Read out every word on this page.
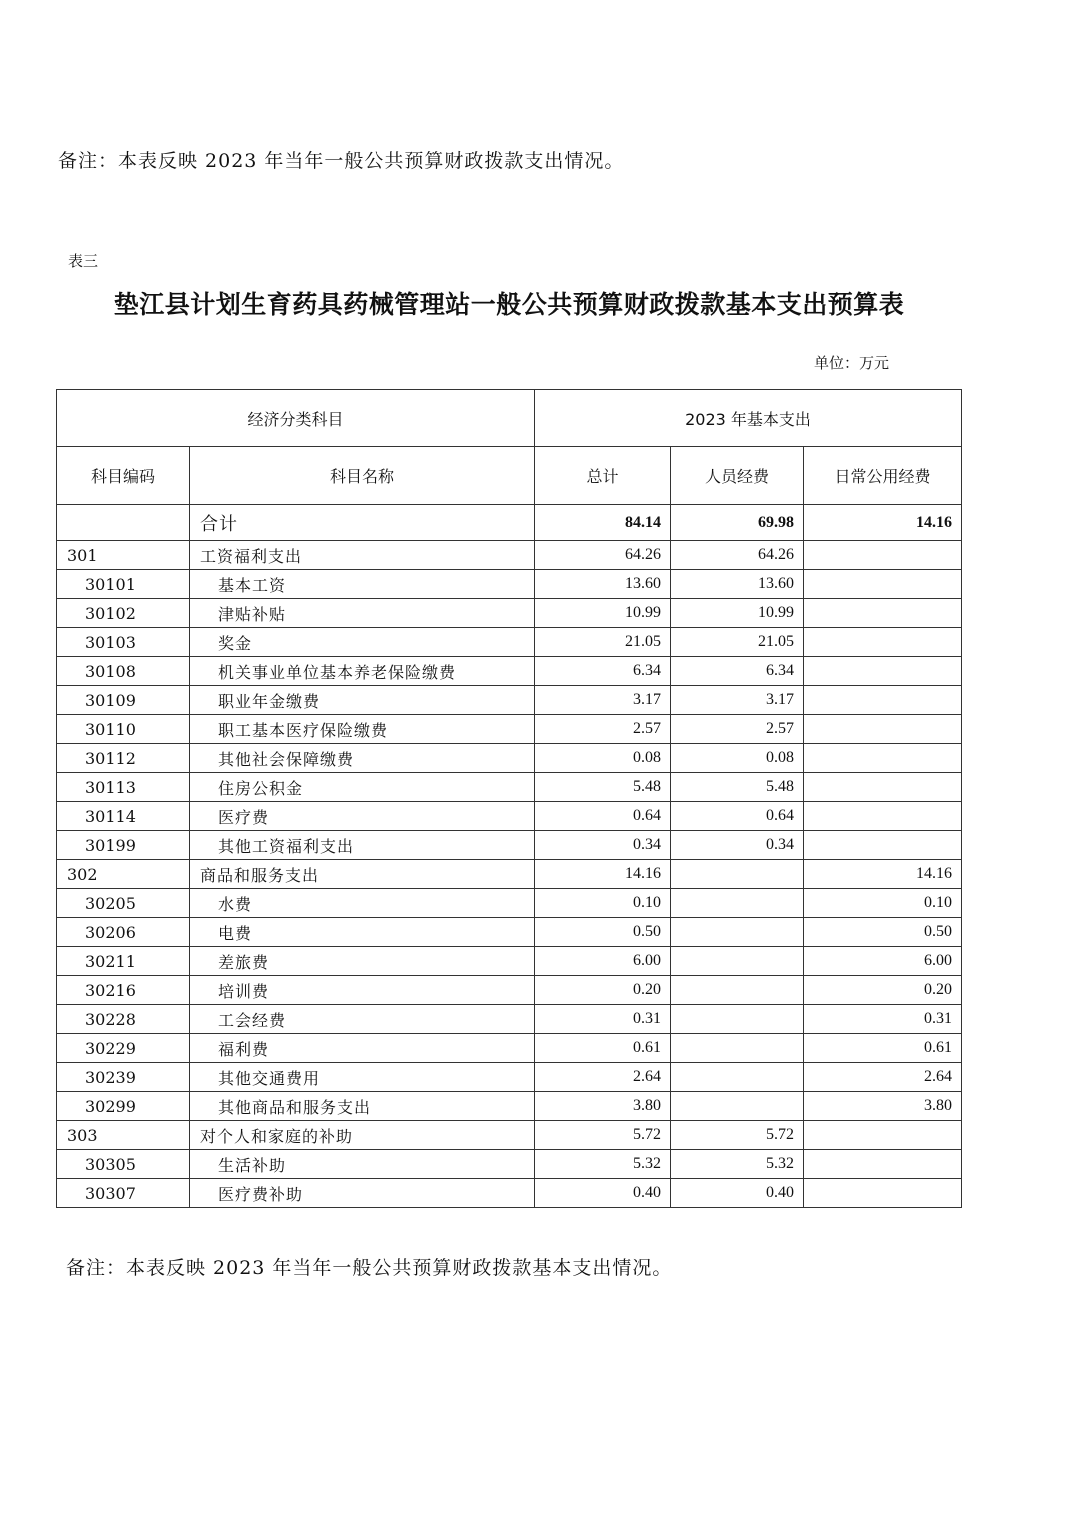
备注：本表反映 2023 年当年一般公共预算财政拨款支出情况。
表三
垫江县计划生育药具药械管理站一般公共预算财政拨款基本支出预算表
单位：万元
经济分类科目		2023 年基本支出		
科目编码	科目名称	总计	人员经费	日常公用经费
	合计	84.14	69.98	14.16
301	工资福利支出	64.26	64.26	
30101	基本工资	13.60	13.60	
30102	津贴补贴	10.99	10.99	
30103	奖金	21.05	21.05	
30108	机关事业单位基本养老保险缴费	6.34	6.34	
30109	职业年金缴费	3.17	3.17	
30110	职工基本医疗保险缴费	2.57	2.57	
30112	其他社会保障缴费	0.08	0.08	
30113	住房公积金	5.48	5.48	
30114	医疗费	0.64	0.64	
30199	其他工资福利支出	0.34	0.34	
302	商品和服务支出	14.16		14.16
30205	水费	0.10		0.10
30206	电费	0.50		0.50
30211	差旅费	6.00		6.00
30216	培训费	0.20		0.20
30228	工会经费	0.31		0.31
30229	福利费	0.61		0.61
30239	其他交通费用	2.64		2.64
30299	其他商品和服务支出	3.80		3.80
303	对个人和家庭的补助	5.72	5.72	
30305	生活补助	5.32	5.32	
30307	医疗费补助	0.40	0.40	
备注：本表反映 2023 年当年一般公共预算财政拨款基本支出情况。
